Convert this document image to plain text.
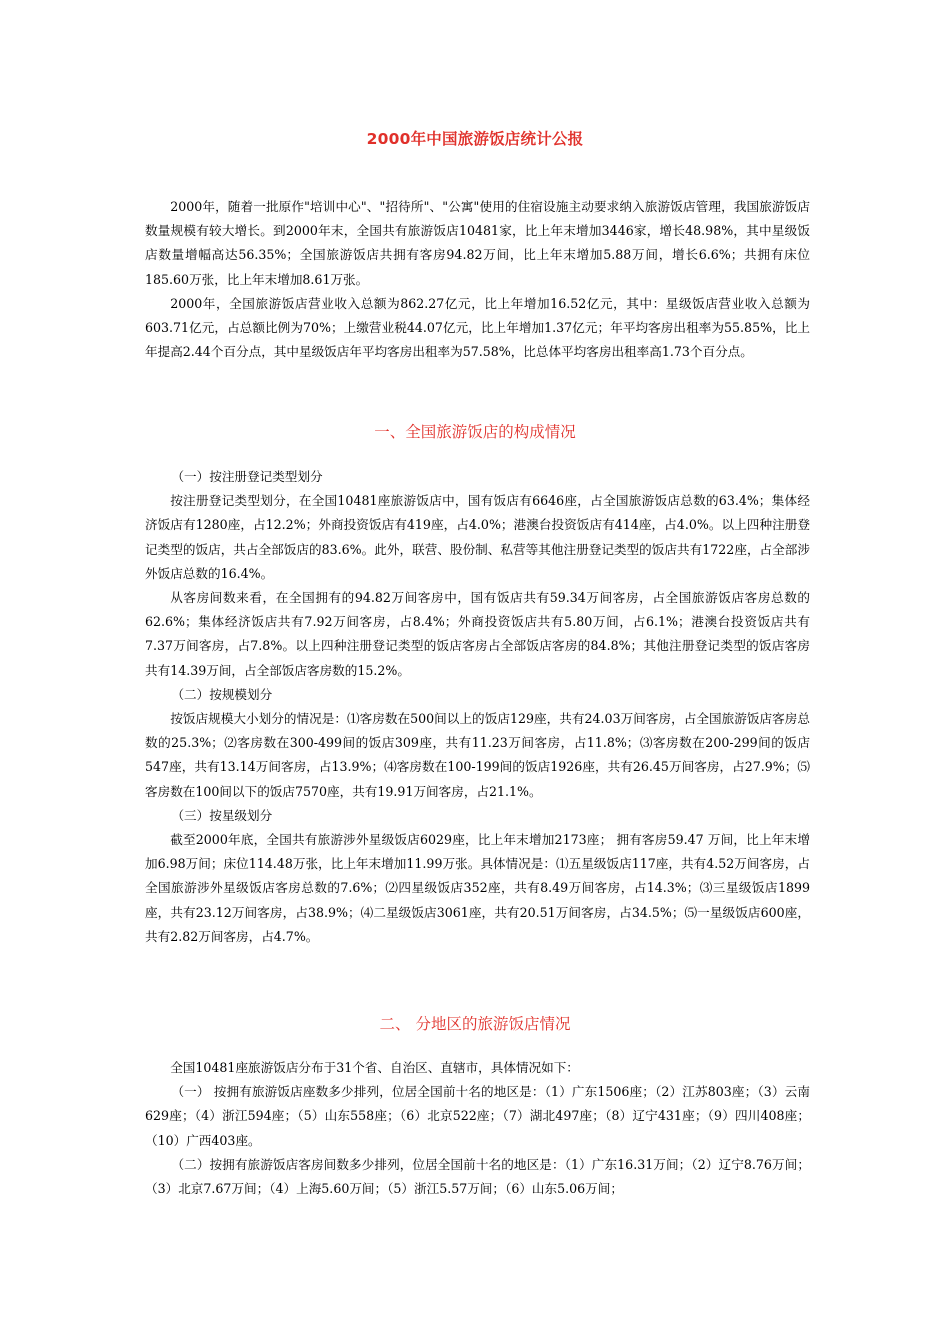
2000年中国旅游饭店统计公报

2000年，随着一批原作"培训中心"、"招待所"、"公寓"使用的住宿设施主动要求纳入旅游饭店管理，我国旅游饭店数量规模有较大增长。到2000年末，全国共有旅游饭店10481家，比上年末增加3446家，增长48.98%，其中星级饭店数量增幅高达56.35%；全国旅游饭店共拥有客房94.82万间，比上年末增加5.88万间，增长6.6%；共拥有床位185.60万张，比上年末增加8.61万张。

2000年，全国旅游饭店营业收入总额为862.27亿元，比上年增加16.52亿元，其中：星级饭店营业收入总额为603.71亿元，占总额比例为70%；上缴营业税44.07亿元，比上年增加1.37亿元；年平均客房出租率为55.85%，比上年提高2.44个百分点，其中星级饭店年平均客房出租率为57.58%，比总体平均客房出租率高1.73个百分点。

一、全国旅游饭店的构成情况

（一）按注册登记类型划分

按注册登记类型划分，在全国10481座旅游饭店中，国有饭店有6646座，占全国旅游饭店总数的63.4%；集体经济饭店有1280座，占12.2%；外商投资饭店有419座，占4.0%；港澳台投资饭店有414座，占4.0%。以上四种注册登记类型的饭店，共占全部饭店的83.6%。此外，联营、股份制、私营等其他注册登记类型的饭店共有1722座，占全部涉外饭店总数的16.4%。

从客房间数来看，在全国拥有的94.82万间客房中，国有饭店共有59.34万间客房，占全国旅游饭店客房总数的62.6%；集体经济饭店共有7.92万间客房，占8.4%；外商投资饭店共有5.80万间，占6.1%；港澳台投资饭店共有7.37万间客房，占7.8%。以上四种注册登记类型的饭店客房占全部饭店客房的84.8%；其他注册登记类型的饭店客房共有14.39万间，占全部饭店客房数的15.2%。

（二）按规模划分

按饭店规模大小划分的情况是：⑴客房数在500间以上的饭店129座，共有24.03万间客房，占全国旅游饭店客房总数的25.3%；⑵客房数在300-499间的饭店309座，共有11.23万间客房，占11.8%；⑶客房数在200-299间的饭店547座，共有13.14万间客房，占13.9%；⑷客房数在100-199间的饭店1926座，共有26.45万间客房，占27.9%；⑸客房数在100间以下的饭店7570座，共有19.91万间客房，占21.1%。

（三）按星级划分

截至2000年底，全国共有旅游涉外星级饭店6029座，比上年末增加2173座； 拥有客房59.47 万间，比上年末增加6.98万间；床位114.48万张，比上年末增加11.99万张。具体情况是：⑴五星级饭店117座，共有4.52万间客房，占全国旅游涉外星级饭店客房总数的7.6%；⑵四星级饭店352座，共有8.49万间客房，占14.3%；⑶三星级饭店1899座，共有23.12万间客房，占38.9%；⑷二星级饭店3061座，共有20.51万间客房，占34.5%；⑸一星级饭店600座，共有2.82万间客房，占4.7%。

二、 分地区的旅游饭店情况

全国10481座旅游饭店分布于31个省、自治区、直辖市，具体情况如下：

（一） 按拥有旅游饭店座数多少排列，位居全国前十名的地区是：（1）广东1506座；（2）江苏803座；（3）云南629座；（4）浙江594座；（5）山东558座；（6）北京522座；（7）湖北497座；（8）辽宁431座；（9）四川408座；（10）广西403座。

（二）按拥有旅游饭店客房间数多少排列，位居全国前十名的地区是：（1）广东16.31万间；（2）辽宁8.76万间；（3）北京7.67万间；（4）上海5.60万间；（5）浙江5.57万间；（6）山东5.06万间；
